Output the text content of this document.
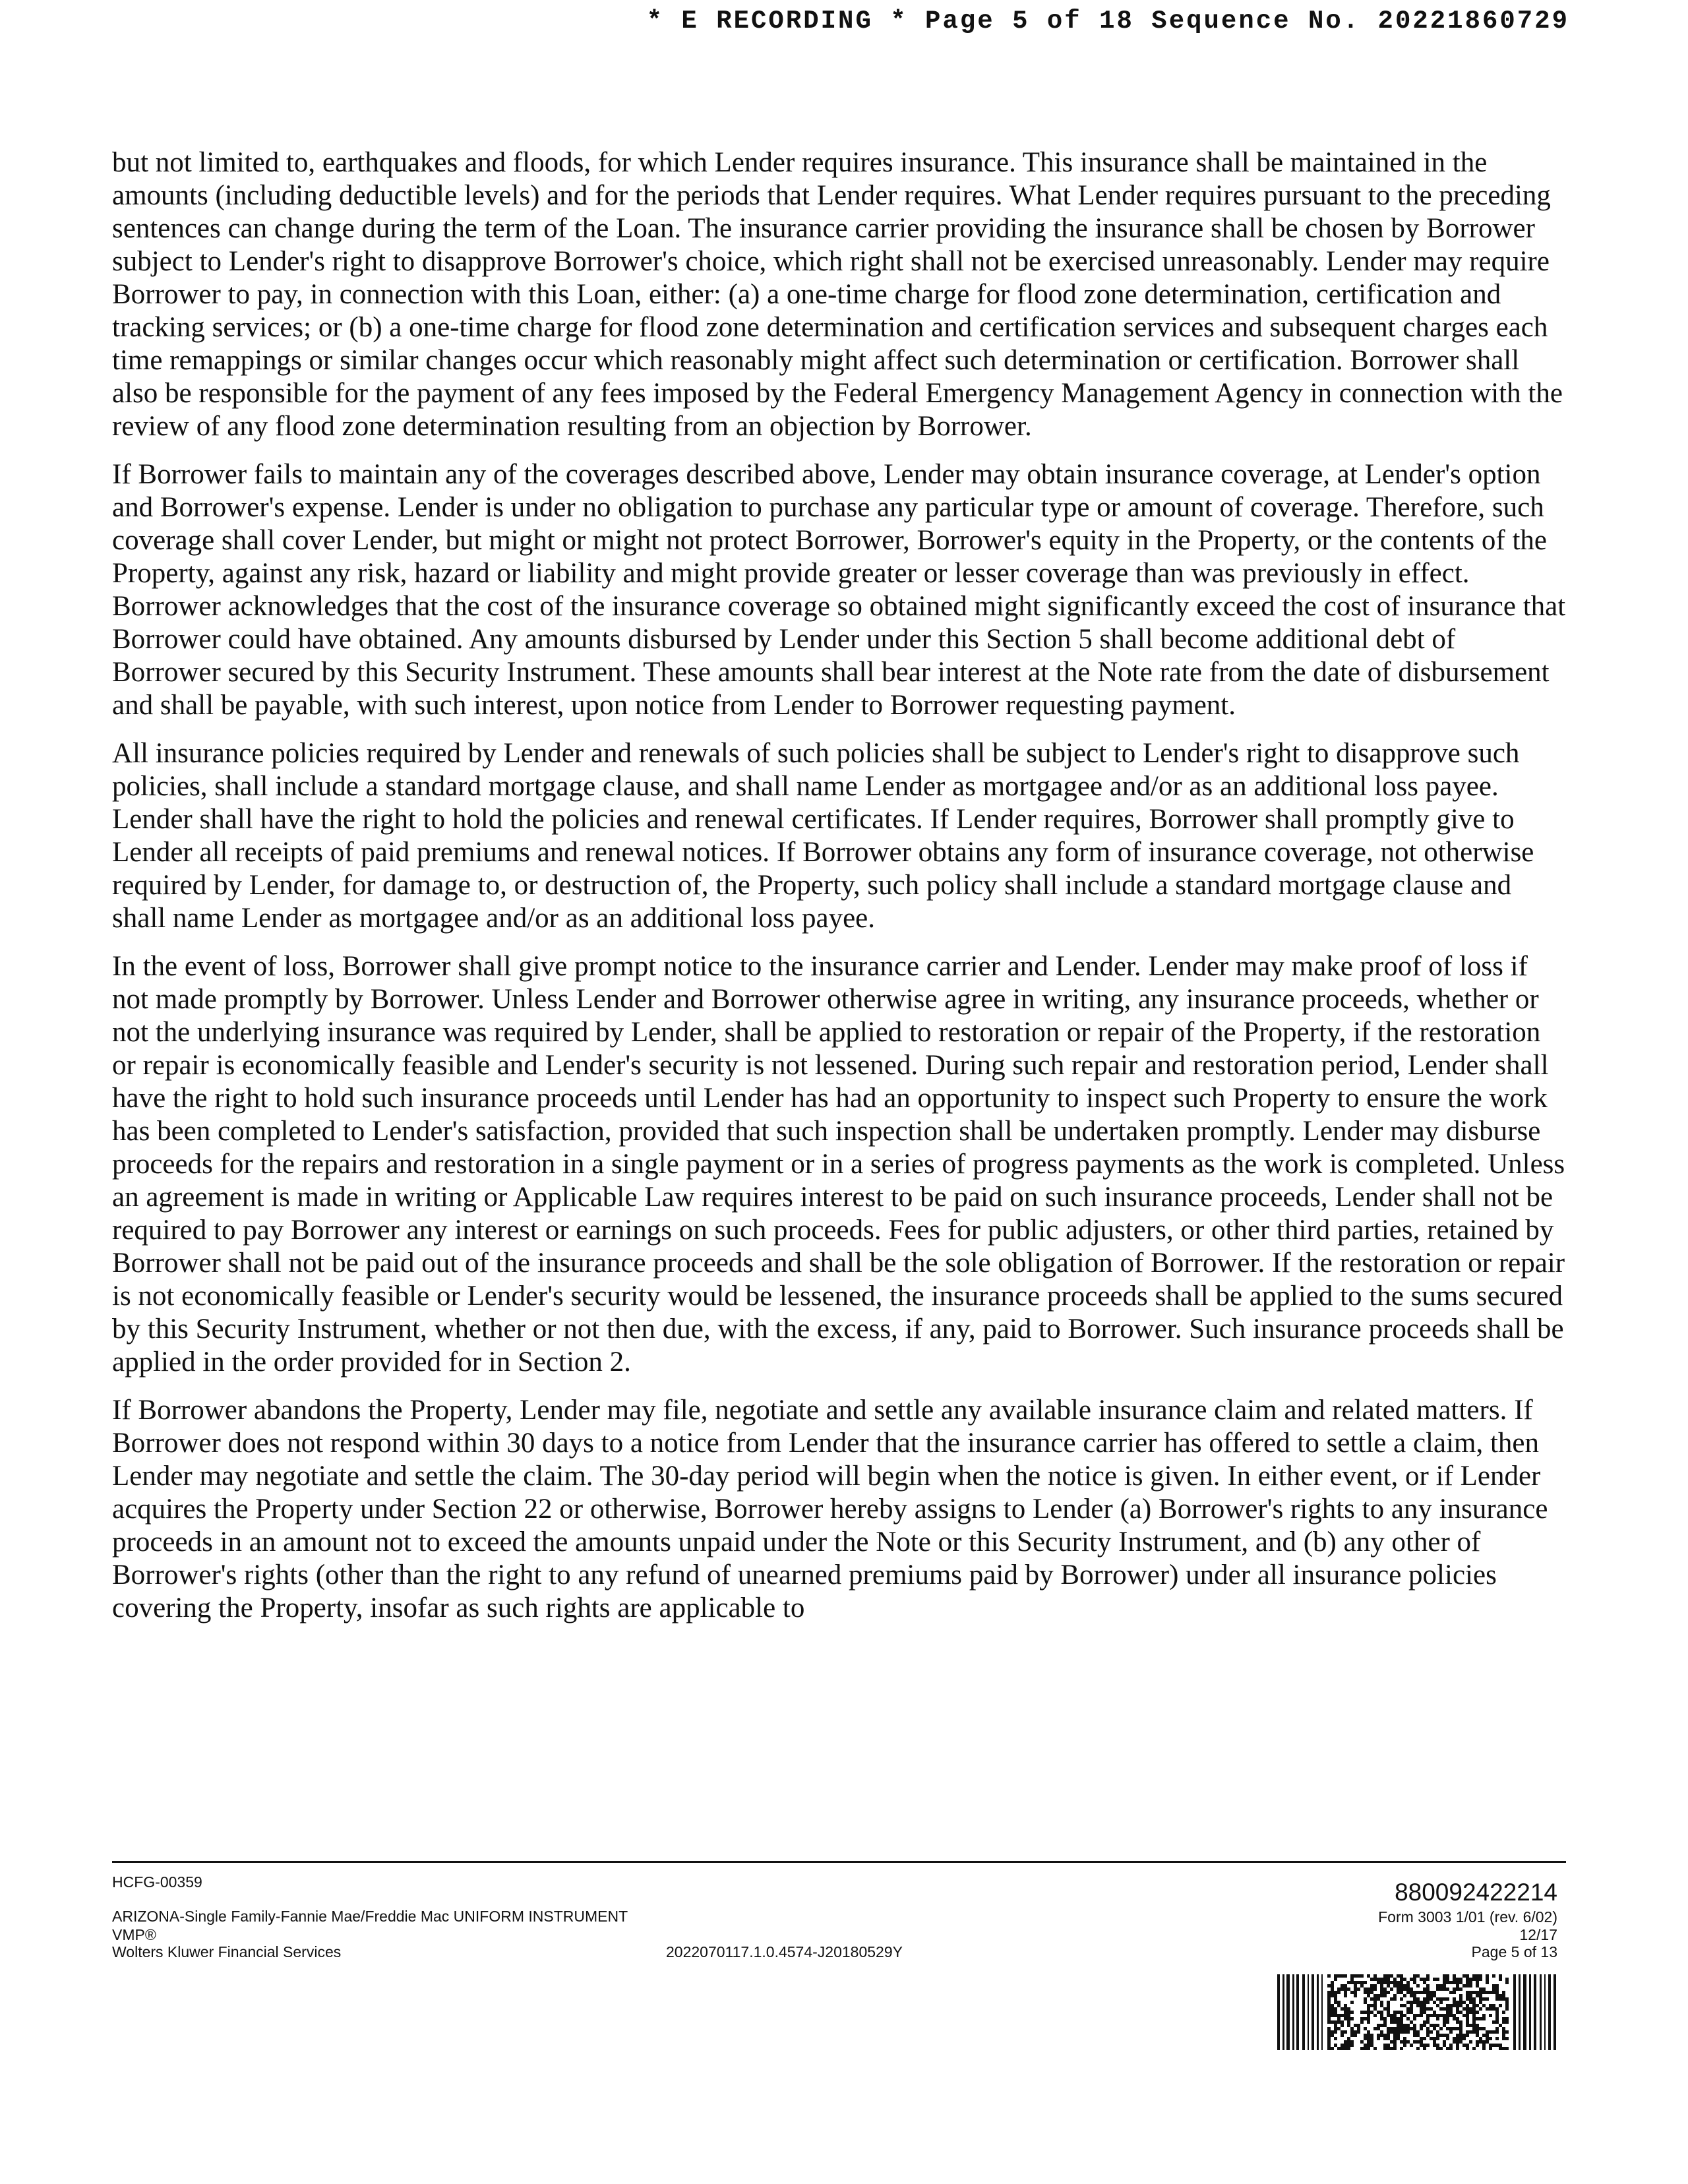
* E RECORDING * Page 5 of 18 Sequence No. 20221860729

but not limited to, earthquakes and floods, for which Lender requires insurance. This insurance shall be maintained in the amounts (including deductible levels) and for the periods that Lender requires. What Lender requires pursuant to the preceding sentences can change during the term of the Loan. The insurance carrier providing the insurance shall be chosen by Borrower subject to Lender's right to disapprove Borrower's choice, which right shall not be exercised unreasonably. Lender may require Borrower to pay, in connection with this Loan, either: (a) a one-time charge for flood zone determination, certification and tracking services; or (b) a one-time charge for flood zone determination and certification services and subsequent charges each time remappings or similar changes occur which reasonably might affect such determination or certification. Borrower shall also be responsible for the payment of any fees imposed by the Federal Emergency Management Agency in connection with the review of any flood zone determination resulting from an objection by Borrower.

If Borrower fails to maintain any of the coverages described above, Lender may obtain insurance coverage, at Lender's option and Borrower's expense. Lender is under no obligation to purchase any particular type or amount of coverage. Therefore, such coverage shall cover Lender, but might or might not protect Borrower, Borrower's equity in the Property, or the contents of the Property, against any risk, hazard or liability and might provide greater or lesser coverage than was previously in effect. Borrower acknowledges that the cost of the insurance coverage so obtained might significantly exceed the cost of insurance that Borrower could have obtained. Any amounts disbursed by Lender under this Section 5 shall become additional debt of Borrower secured by this Security Instrument. These amounts shall bear interest at the Note rate from the date of disbursement and shall be payable, with such interest, upon notice from Lender to Borrower requesting payment.

All insurance policies required by Lender and renewals of such policies shall be subject to Lender's right to disapprove such policies, shall include a standard mortgage clause, and shall name Lender as mortgagee and/or as an additional loss payee. Lender shall have the right to hold the policies and renewal certificates. If Lender requires, Borrower shall promptly give to Lender all receipts of paid premiums and renewal notices. If Borrower obtains any form of insurance coverage, not otherwise required by Lender, for damage to, or destruction of, the Property, such policy shall include a standard mortgage clause and shall name Lender as mortgagee and/or as an additional loss payee.

In the event of loss, Borrower shall give prompt notice to the insurance carrier and Lender. Lender may make proof of loss if not made promptly by Borrower. Unless Lender and Borrower otherwise agree in writing, any insurance proceeds, whether or not the underlying insurance was required by Lender, shall be applied to restoration or repair of the Property, if the restoration or repair is economically feasible and Lender's security is not lessened. During such repair and restoration period, Lender shall have the right to hold such insurance proceeds until Lender has had an opportunity to inspect such Property to ensure the work has been completed to Lender's satisfaction, provided that such inspection shall be undertaken promptly. Lender may disburse proceeds for the repairs and restoration in a single payment or in a series of progress payments as the work is completed. Unless an agreement is made in writing or Applicable Law requires interest to be paid on such insurance proceeds, Lender shall not be required to pay Borrower any interest or earnings on such proceeds. Fees for public adjusters, or other third parties, retained by Borrower shall not be paid out of the insurance proceeds and shall be the sole obligation of Borrower. If the restoration or repair is not economically feasible or Lender's security would be lessened, the insurance proceeds shall be applied to the sums secured by this Security Instrument, whether or not then due, with the excess, if any, paid to Borrower. Such insurance proceeds shall be applied in the order provided for in Section 2.

If Borrower abandons the Property, Lender may file, negotiate and settle any available insurance claim and related matters. If Borrower does not respond within 30 days to a notice from Lender that the insurance carrier has offered to settle a claim, then Lender may negotiate and settle the claim. The 30-day period will begin when the notice is given. In either event, or if Lender acquires the Property under Section 22 or otherwise, Borrower hereby assigns to Lender (a) Borrower's rights to any insurance proceeds in an amount not to exceed the amounts unpaid under the Note or this Security Instrument, and (b) any other of Borrower's rights (other than the right to any refund of unearned premiums paid by Borrower) under all insurance policies covering the Property, insofar as such rights are applicable to

HCFG-00359
ARIZONA-Single Family-Fannie Mae/Freddie Mac UNIFORM INSTRUMENT
VMP®
Wolters Kluwer Financial Services	2022070117.1.0.4574-J20180529Y
880092422214
Form 3003 1/01 (rev. 6/02)
12/17
Page 5 of 13
